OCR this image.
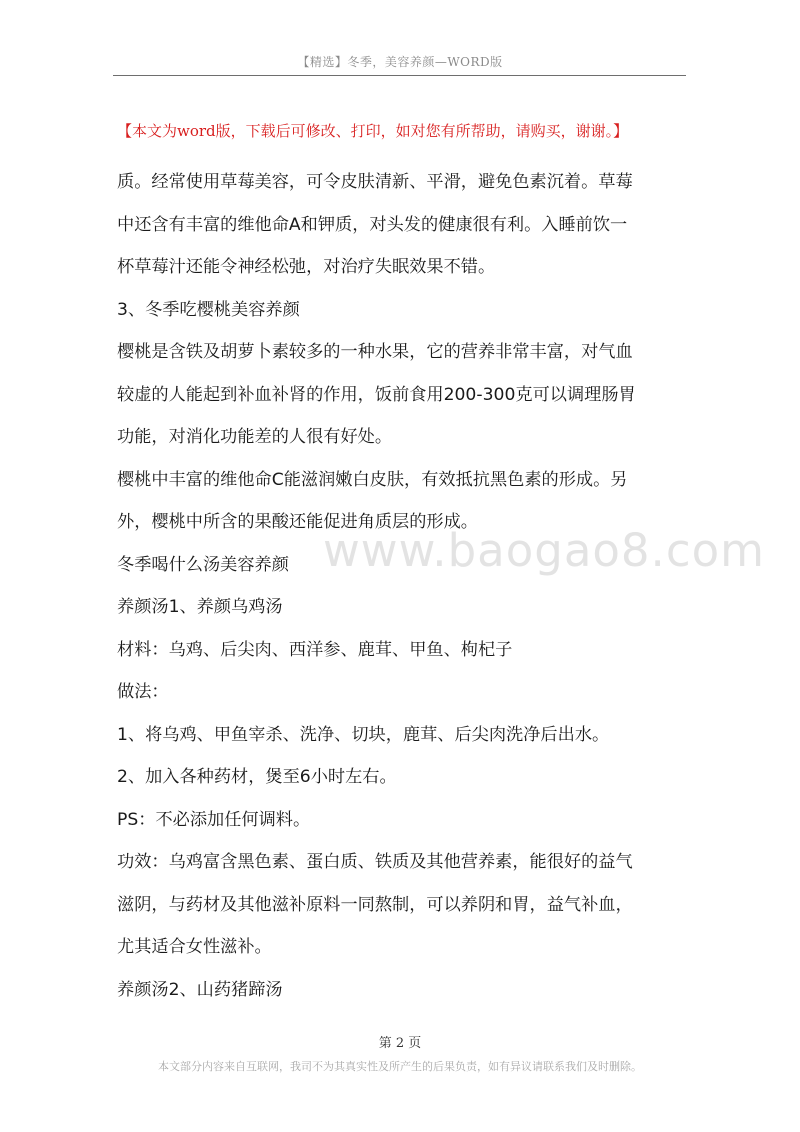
【精选】冬季，美容养颜—WORD版
【本文为word版，下载后可修改、打印，如对您有所帮助，请购买，谢谢。】
www.baogao8.com

质。经常使用草莓美容，可令皮肤清新、平滑，避免色素沉着。草莓

中还含有丰富的维他命A和钾质，对头发的健康很有利。入睡前饮一

杯草莓汁还能令神经松弛，对治疗失眠效果不错。

3、冬季吃樱桃美容养颜

樱桃是含铁及胡萝卜素较多的一种水果，它的营养非常丰富，对气血

较虚的人能起到补血补肾的作用，饭前食用200-300克可以调理肠胃

功能，对消化功能差的人很有好处。

樱桃中丰富的维他命C能滋润嫩白皮肤，有效抵抗黑色素的形成。另

外，樱桃中所含的果酸还能促进角质层的形成。

冬季喝什么汤美容养颜

养颜汤1、养颜乌鸡汤

材料：乌鸡、后尖肉、西洋参、鹿茸、甲鱼、枸杞子

做法：

1、将乌鸡、甲鱼宰杀、洗净、切块，鹿茸、后尖肉洗净后出水。

2、加入各种药材，煲至6小时左右。

PS：不必添加任何调料。

功效：乌鸡富含黑色素、蛋白质、铁质及其他营养素，能很好的益气

滋阴，与药材及其他滋补原料一同熬制，可以养阴和胃，益气补血，

尤其适合女性滋补。

养颜汤2、山药猪蹄汤

第 2 页
本文部分内容来自互联网，我司不为其真实性及所产生的后果负责，如有异议请联系我们及时删除。
